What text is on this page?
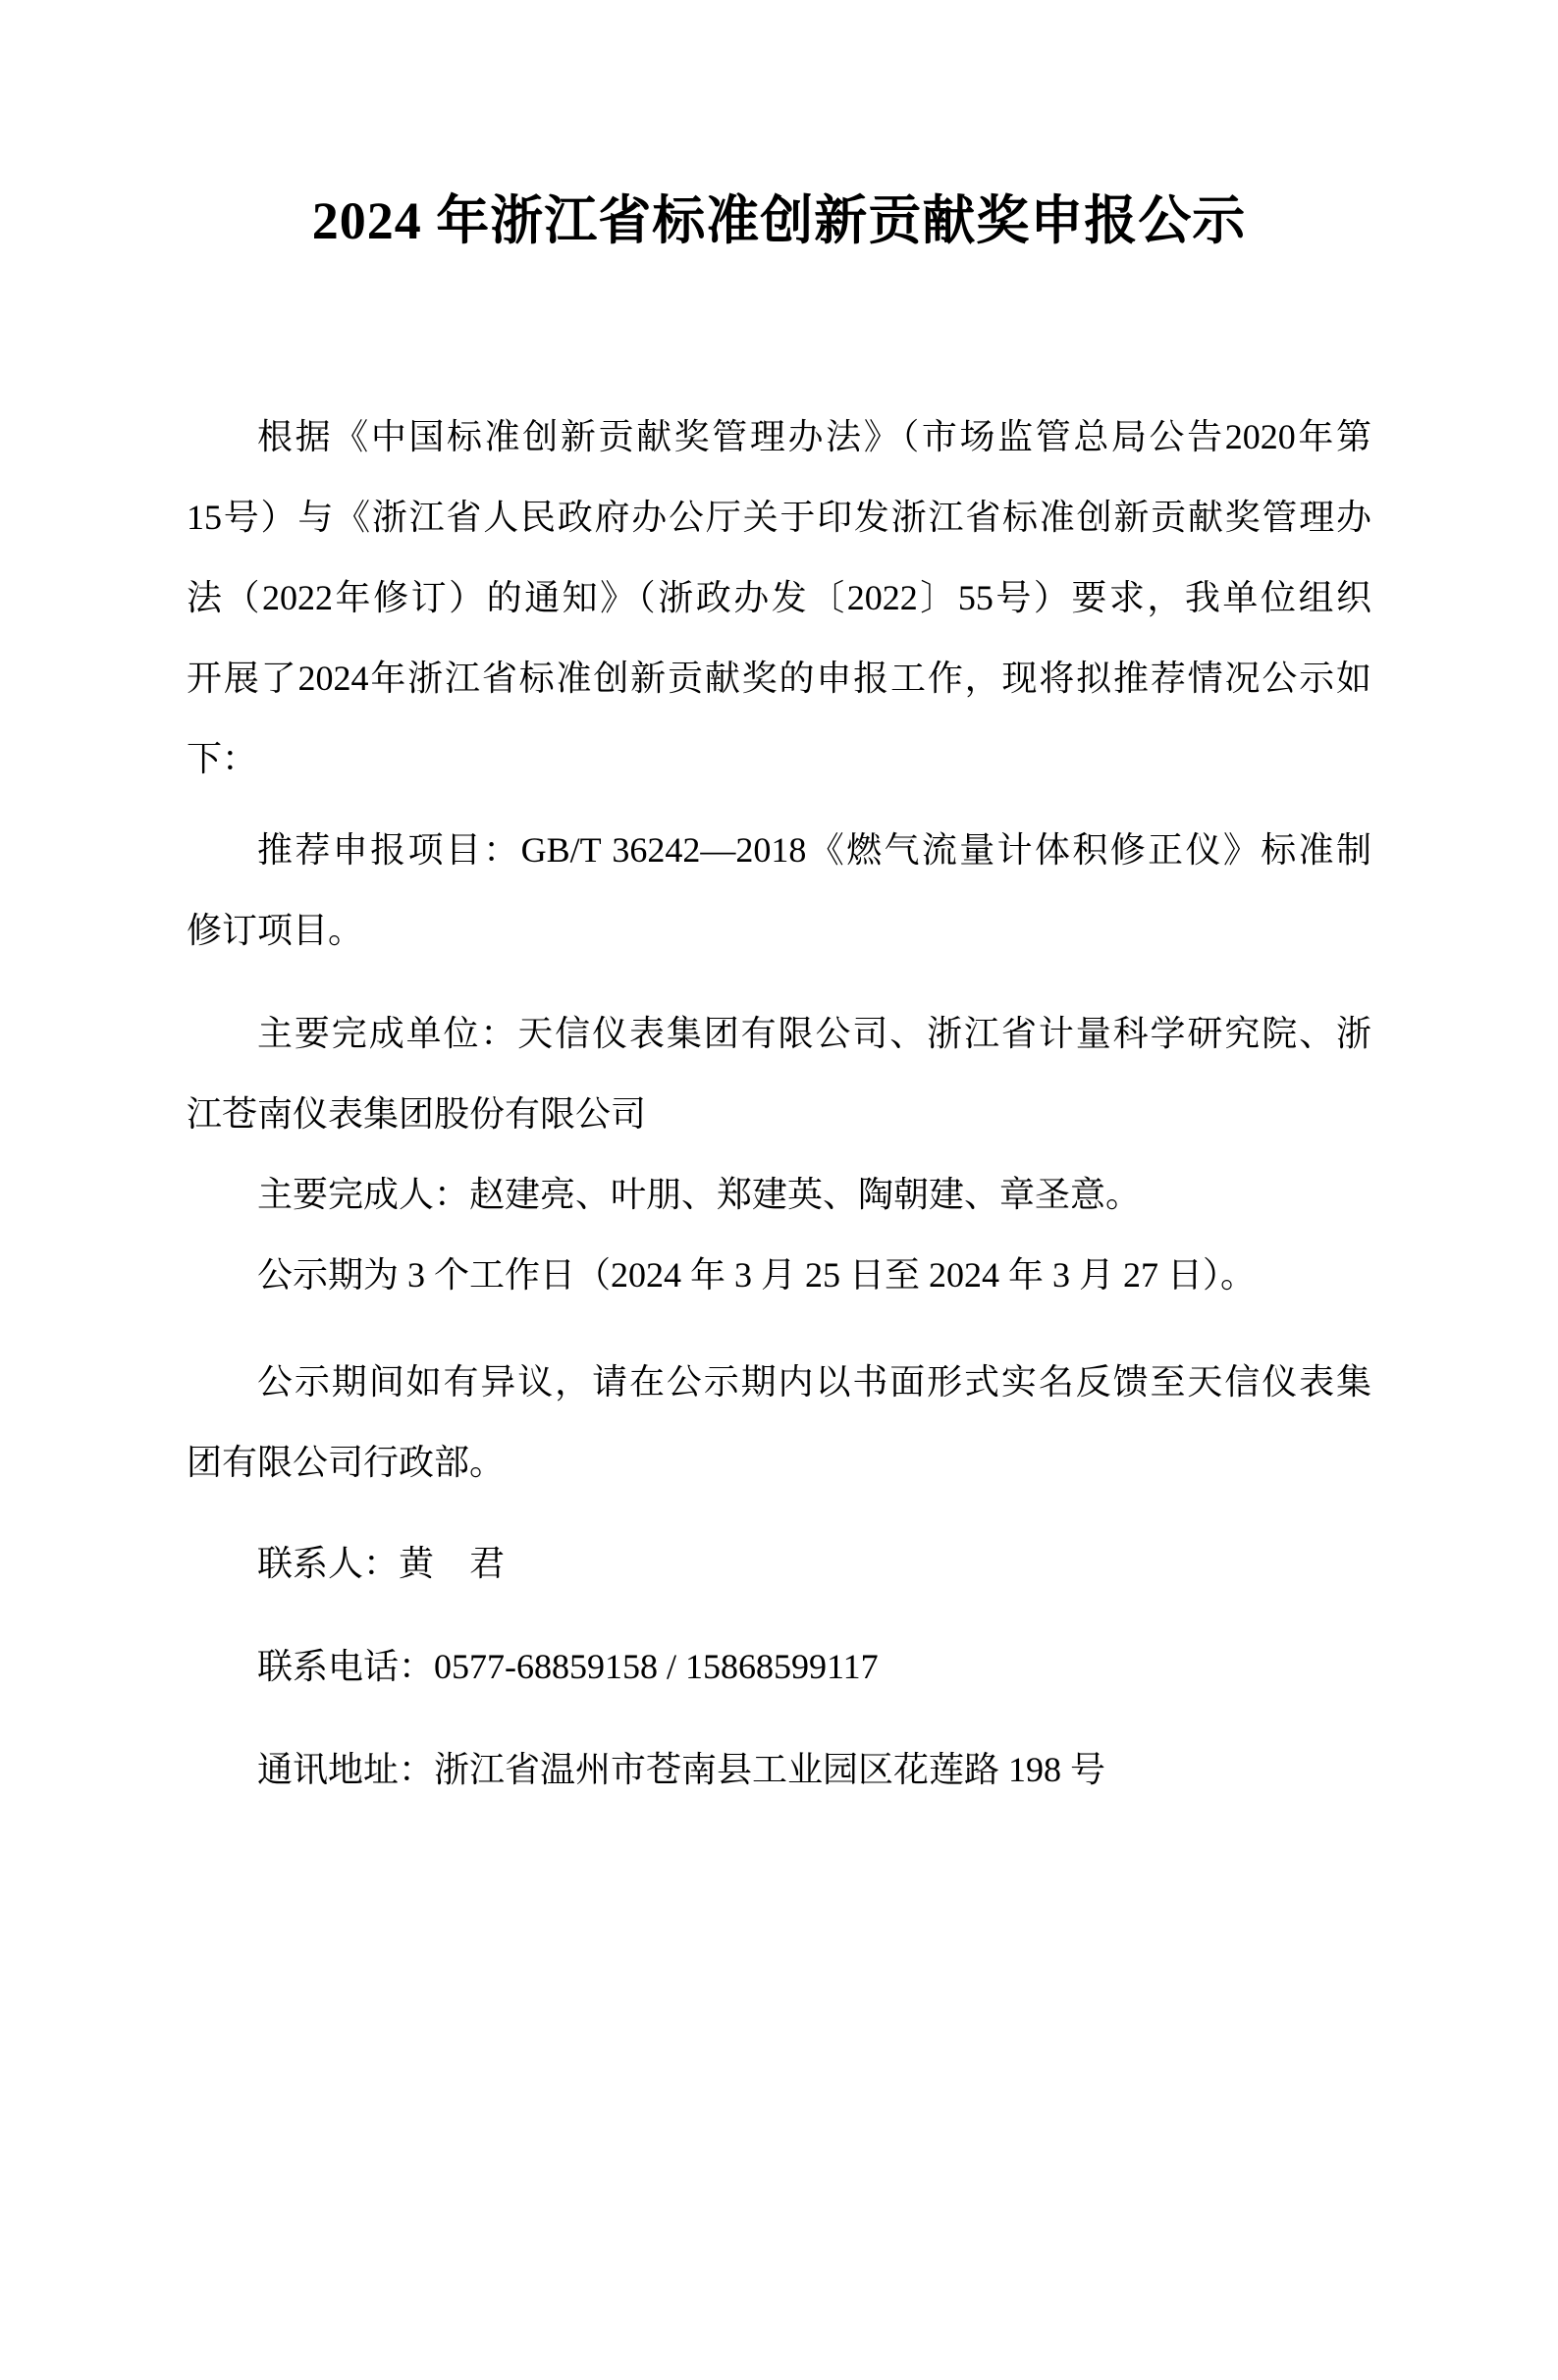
2024 年浙江省标准创新贡献奖申报公示

根据《中国标准创新贡献奖管理办法》（市场监管总局公告2020年第
15号）与《浙江省人民政府办公厅关于印发浙江省标准创新贡献奖管理办
法（2022年修订）的通知》（浙政办发〔2022〕55号）要求，我单位组织
开展了2024年浙江省标准创新贡献奖的申报工作，现将拟推荐情况公示如
下：

推荐申报项目：GB/T 36242—2018《燃气流量计体积修正仪》标准制
修订项目。

主要完成单位：天信仪表集团有限公司、浙江省计量科学研究院、浙
江苍南仪表集团股份有限公司

主要完成人：赵建亮、叶朋、郑建英、陶朝建、章圣意。

公示期为 3 个工作日（2024 年 3 月 25 日至 2024 年 3 月 27 日）。

公示期间如有异议，请在公示期内以书面形式实名反馈至天信仪表集
团有限公司行政部。

联系人：黄　君

联系电话：0577-68859158 / 15868599117

通讯地址：浙江省温州市苍南县工业园区花莲路 198 号
